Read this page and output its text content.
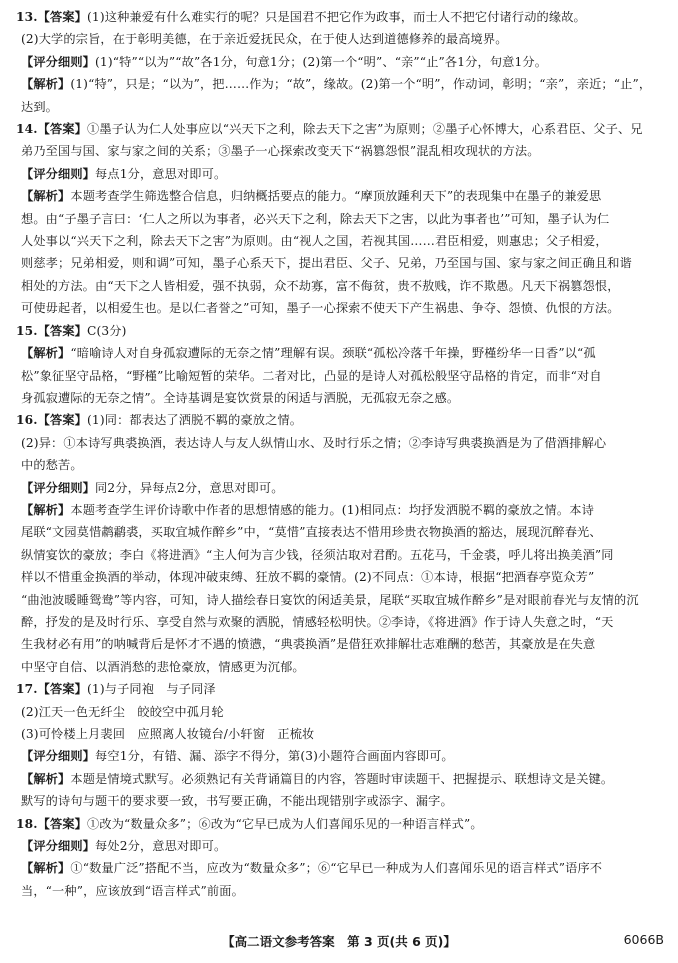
13.【答案】(1)这种兼爱有什么难实行的呢？只是国君不把它作为政事，而士人不把它付诸行动的缘故。
(2)大学的宗旨，在于彰明美德，在于亲近爱抚民众，在于使人达到道德修养的最高境界。
【评分细则】(1)“特”“以为”“故”各1分，句意1分；(2)第一个“明”、“亲”“止”各1分，句意1分。
【解析】(1)“特”，只是；“以为”，把……作为；“故”，缘故。(2)第一个“明”，作动词，彰明；“亲”，亲近；“止”，
达到。
14.【答案】①墨子认为仁人处事应以“兴天下之利，除去天下之害”为原则；②墨子心怀博大，心系君臣、父子、兄
弟乃至国与国、家与家之间的关系；③墨子一心探索改变天下“祸篡怨恨”混乱相攻现状的方法。
【评分细则】每点1分，意思对即可。
【解析】本题考查学生筛选整合信息，归纳概括要点的能力。“摩顶放踵利天下”的表现集中在墨子的兼爱思
想。由“子墨子言曰：‘仁人之所以为事者，必兴天下之利，除去天下之害，以此为事者也’”可知，墨子认为仁
人处事以“兴天下之利，除去天下之害”为原则。由“视人之国，若视其国……君臣相爱，则惠忠；父子相爱，
则慈孝；兄弟相爱，则和调”可知，墨子心系天下，提出君臣、父子、兄弟，乃至国与国、家与家之间正确且和谐
相处的方法。由“天下之人皆相爱，强不执弱，众不劫寡，富不侮贫，贵不敖贱，诈不欺愚。凡天下祸篡怨恨，
可使毋起者，以相爱生也。是以仁者誉之”可知，墨子一心探索不使天下产生祸患、争夺、怨愤、仇恨的方法。
15.【答案】C(3分)
【解析】“暗喻诗人对自身孤寂遭际的无奈之情”理解有误。颈联“孤松冷落千年操，野槿纷华一日香”以“孤
松”象征坚守品格，“野槿”比喻短暂的荣华。二者对比，凸显的是诗人对孤松般坚守品格的肯定，而非“对自
身孤寂遭际的无奈之情”。全诗基调是宴饮赏景的闲适与洒脱，无孤寂无奈之感。
16.【答案】(1)同：都表达了洒脱不羁的豪放之情。
(2)异：①本诗写典裘换酒，表达诗人与友人纵情山水、及时行乐之情；②李诗写典裘换酒是为了借酒排解心
中的愁苦。
【评分细则】同2分，异每点2分，意思对即可。
【解析】本题考查学生评价诗歌中作者的思想情感的能力。(1)相同点：均抒发洒脱不羁的豪放之情。本诗
尾联“文园莫惜鹔鹴裘，买取宜城作醉乡”中，“莫惜”直接表达不惜用珍贵衣物换酒的豁达，展现沉醉春光、
纵情宴饮的豪放；李白《将进酒》“主人何为言少钱，径须沽取对君酌。五花马，千金裘，呼儿将出换美酒”同
样以不惜重金换酒的举动，体现冲破束缚、狂放不羁的豪情。(2)不同点：①本诗，根据“把酒春亭览众芳”
“曲池波暖睡鸳鸯”等内容，可知，诗人描绘春日宴饮的闲适美景，尾联“买取宜城作醉乡”是对眼前春光与友情的沉
醉，抒发的是及时行乐、享受自然与欢聚的洒脱，情感轻松明快。②李诗，《将进酒》作于诗人失意之时，“天
生我材必有用”的呐喊背后是怀才不遇的愤懑，“典裘换酒”是借狂欢排解壮志难酬的愁苦，其豪放是在失意
中坚守自信、以酒消愁的悲怆豪放，情感更为沉郁。
17.【答案】(1)与子同袍　与子同泽
(2)江天一色无纤尘　皎皎空中孤月轮
(3)可怜楼上月裴回　应照离人妆镜台/小轩窗　正梳妆
【评分细则】每空1分，有错、漏、添字不得分，第(3)小题符合画面内容即可。
【解析】本题是情境式默写。必须熟记有关背诵篇目的内容，答题时审读题干、把握提示、联想诗文是关键。
默写的诗句与题干的要求要一致，书写要正确，不能出现错别字或添字、漏字。
18.【答案】①改为“数量众多”；⑥改为“它早已成为人们喜闻乐见的一种语言样式”。
【评分细则】每处2分，意思对即可。
【解析】①“数量广泛”搭配不当，应改为“数量众多”；⑥“它早已一种成为人们喜闻乐见的语言样式”语序不
当，“一种”，应该放到“语言样式”前面。
【高二语文参考答案　第 3 页(共 6 页)】	6066B
